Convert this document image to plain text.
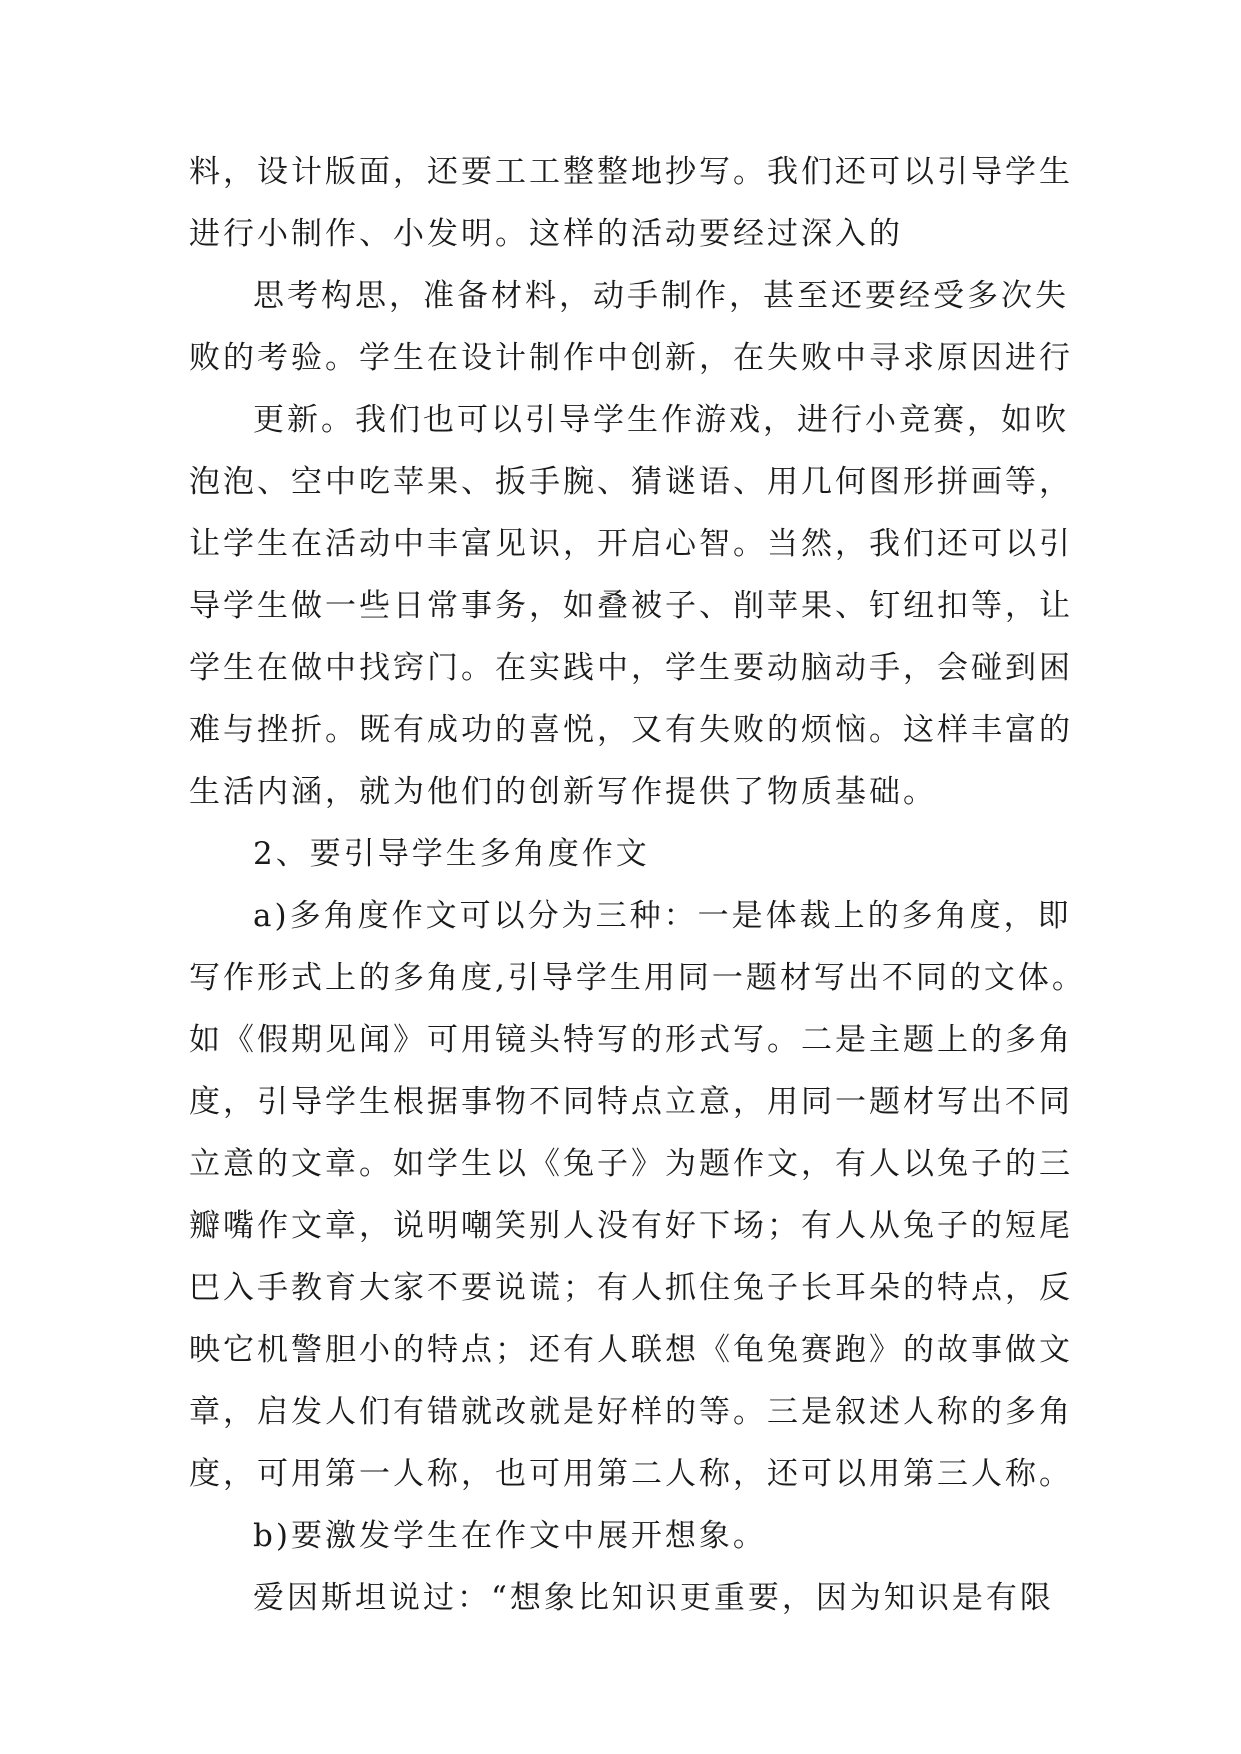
料，设计版面，还要工工整整地抄写。我们还可以引导学生
进行小制作、小发明。这样的活动要经过深入的
思考构思，准备材料，动手制作，甚至还要经受多次失
败的考验。学生在设计制作中创新，在失败中寻求原因进行
更新。我们也可以引导学生作游戏，进行小竞赛，如吹
泡泡、空中吃苹果、扳手腕、猜谜语、用几何图形拼画等，
让学生在活动中丰富见识，开启心智。当然，我们还可以引
导学生做一些日常事务，如叠被子、削苹果、钉纽扣等，让
学生在做中找窍门。在实践中，学生要动脑动手，会碰到困
难与挫折。既有成功的喜悦，又有失败的烦恼。这样丰富的
生活内涵，就为他们的创新写作提供了物质基础。
2、要引导学生多角度作文
a)多角度作文可以分为三种：一是体裁上的多角度，即
写作形式上的多角度,引导学生用同一题材写出不同的文体。
如《假期见闻》可用镜头特写的形式写。二是主题上的多角
度，引导学生根据事物不同特点立意，用同一题材写出不同
立意的文章。如学生以《兔子》为题作文，有人以兔子的三
瓣嘴作文章，说明嘲笑别人没有好下场；有人从兔子的短尾
巴入手教育大家不要说谎；有人抓住兔子长耳朵的特点，反
映它机警胆小的特点；还有人联想《龟兔赛跑》的故事做文
章，启发人们有错就改就是好样的等。三是叙述人称的多角
度，可用第一人称，也可用第二人称，还可以用第三人称。
b)要激发学生在作文中展开想象。
爱因斯坦说过：“想象比知识更重要，因为知识是有限
